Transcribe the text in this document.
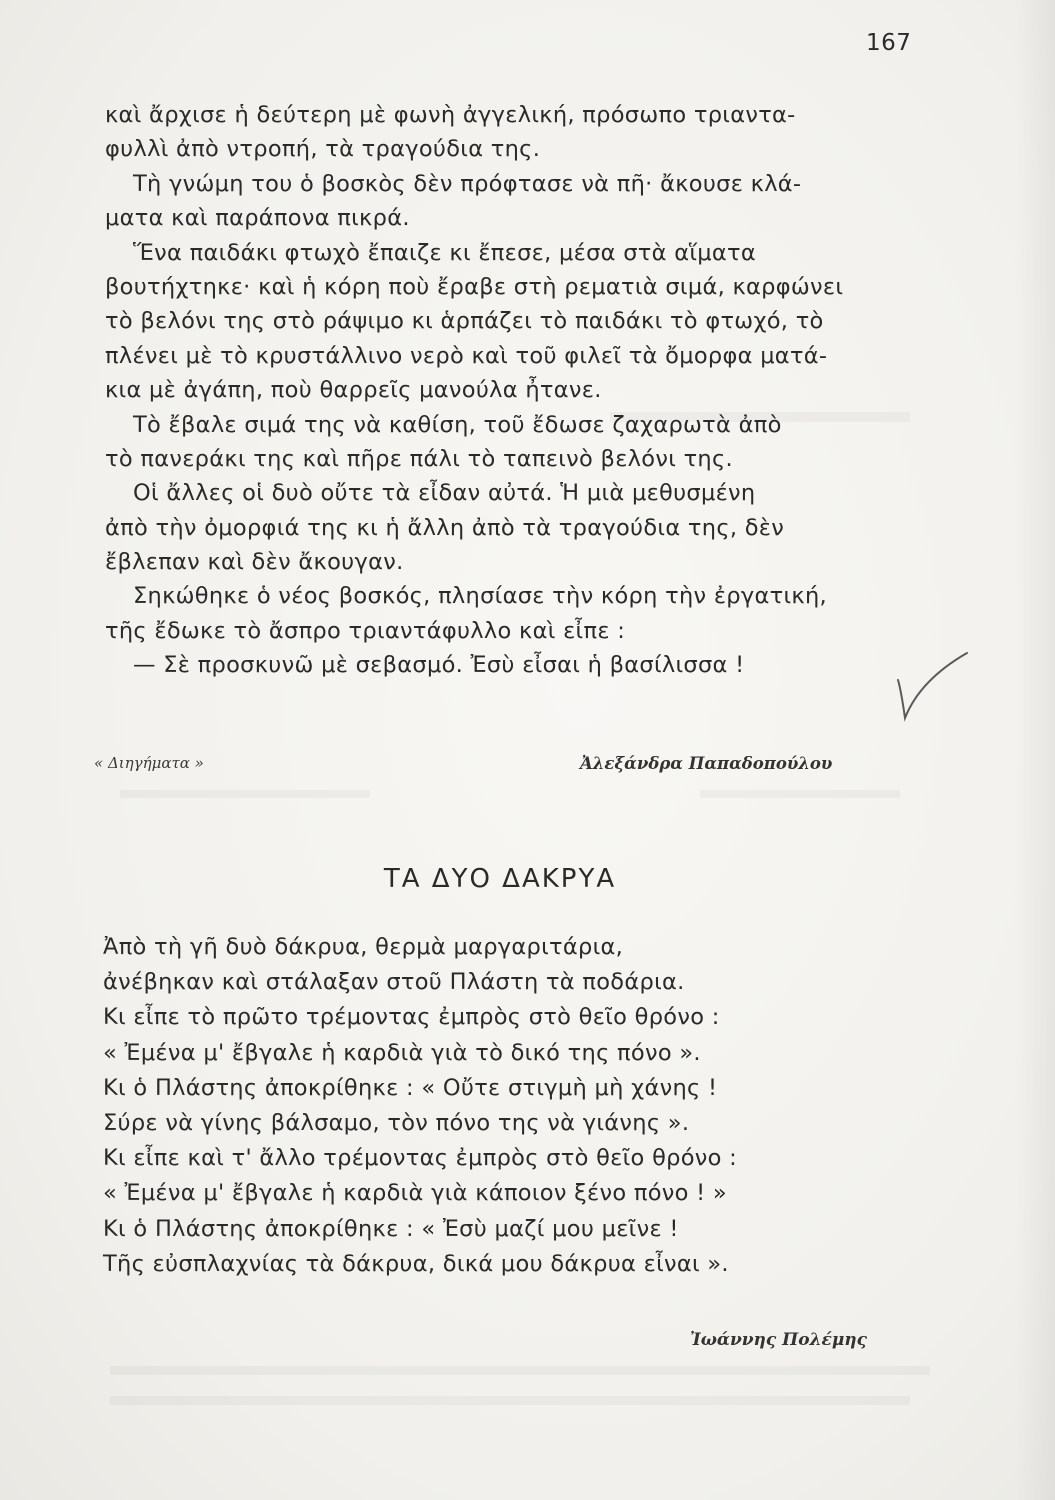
167
καὶ ἄρχισε ἡ δεύτερη μὲ φωνὴ ἀγγελική, πρόσωπο τριαντα-
φυλλὶ ἀπὸ ντροπή, τὰ τραγούδια της.
Τὴ γνώμη του ὁ βοσκὸς δὲν πρόφτασε νὰ πῆ· ἄκουσε κλά-
ματα καὶ παράπονα πικρά.
Ἕνα παιδάκι φτωχὸ ἔπαιζε κι ἔπεσε, μέσα στὰ αἵματα
βουτήχτηκε· καὶ ἡ κόρη ποὺ ἔραβε στὴ ρεματιὰ σιμά, καρφώνει
τὸ βελόνι της στὸ ράψιμο κι ἁρπάζει τὸ παιδάκι τὸ φτωχό, τὸ
πλένει μὲ τὸ κρυστάλλινο νερὸ καὶ τοῦ φιλεῖ τὰ ὄμορφα ματά-
κια μὲ ἀγάπη, ποὺ θαρρεῖς μανούλα ἦτανε.
Τὸ ἔβαλε σιμά της νὰ καθίση, τοῦ ἔδωσε ζαχαρωτὰ ἀπὸ
τὸ πανεράκι της καὶ πῆρε πάλι τὸ ταπεινὸ βελόνι της.
Οἱ ἄλλες οἱ δυὸ οὔτε τὰ εἶδαν αὐτά. Ἡ μιὰ μεθυσμένη
ἀπὸ τὴν ὀμορφιά της κι ἡ ἄλλη ἀπὸ τὰ τραγούδια της, δὲν
ἔβλεπαν καὶ δὲν ἄκουγαν.
Σηκώθηκε ὁ νέος βοσκός, πλησίασε τὴν κόρη τὴν ἐργατική,
τῆς ἔδωκε τὸ ἄσπρο τριαντάφυλλο καὶ εἶπε :
— Σὲ προσκυνῶ μὲ σεβασμό. Ἐσὺ εἶσαι ἡ βασίλισσα !
« Διηγήματα »	Ἀλεξάνδρα Παπαδοπούλου
ΤΑ ΔΥΟ ΔΑΚΡΥΑ
Ἀπὸ τὴ γῆ δυὸ δάκρυα, θερμὰ μαργαριτάρια,
ἀνέβηκαν καὶ στάλαξαν στοῦ Πλάστη τὰ ποδάρια.
Κι εἶπε τὸ πρῶτο τρέμοντας ἐμπρὸς στὸ θεῖο θρόνο :
« Ἐμένα μ' ἔβγαλε ἡ καρδιὰ γιὰ τὸ δικό της πόνο ».
Κι ὁ Πλάστης ἀποκρίθηκε : « Οὔτε στιγμὴ μὴ χάνης !
Σύρε νὰ γίνης βάλσαμο, τὸν πόνο της νὰ γιάνης ».
Κι εἶπε καὶ τ' ἄλλο τρέμοντας ἐμπρὸς στὸ θεῖο θρόνο :
« Ἐμένα μ' ἔβγαλε ἡ καρδιὰ γιὰ κάποιον ξένο πόνο ! »
Κι ὁ Πλάστης ἀποκρίθηκε : « Ἐσὺ μαζί μου μεῖνε !
Τῆς εὐσπλαχνίας τὰ δάκρυα, δικά μου δάκρυα εἶναι ».
Ἰωάννης Πολέμης
